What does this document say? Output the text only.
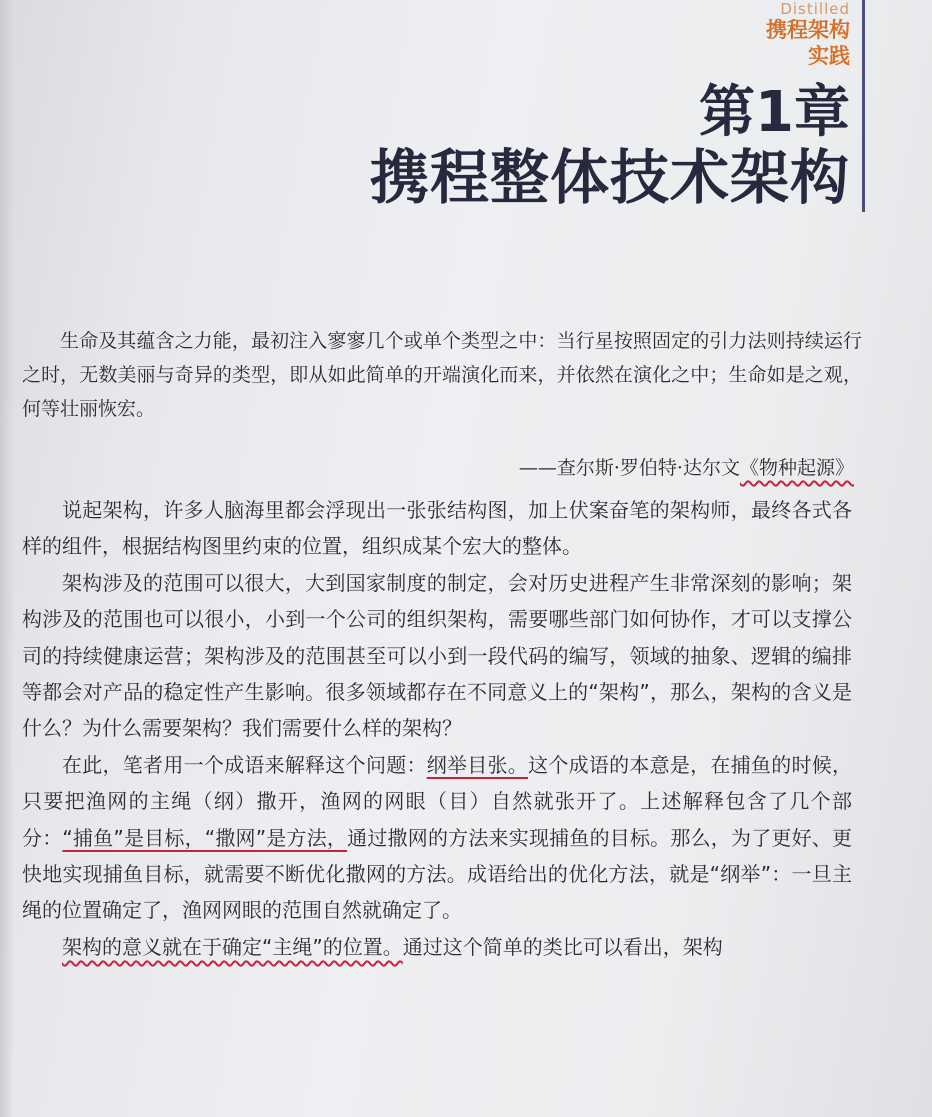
Distilled
携程架构
实践
第1章
携程整体技术架构

生命及其蕴含之力能，最初注入寥寥几个或单个类型之中：当行星按照固定的引力法则持续运行之时，无数美丽与奇异的类型，即从如此简单的开端演化而来，并依然在演化之中；生命如是之观，何等壮丽恢宏。

——查尔斯·罗伯特·达尔文《物种起源》

说起架构，许多人脑海里都会浮现出一张张结构图，加上伏案奋笔的架构师，最终各式各样的组件，根据结构图里约束的位置，组织成某个宏大的整体。

架构涉及的范围可以很大，大到国家制度的制定，会对历史进程产生非常深刻的影响；架构涉及的范围也可以很小，小到一个公司的组织架构，需要哪些部门如何协作，才可以支撑公司的持续健康运营；架构涉及的范围甚至可以小到一段代码的编写，领域的抽象、逻辑的编排等都会对产品的稳定性产生影响。很多领域都存在不同意义上的“架构”，那么，架构的含义是什么？为什么需要架构？我们需要什么样的架构？

在此，笔者用一个成语来解释这个问题：纲举目张。这个成语的本意是，在捕鱼的时候，只要把渔网的主绳（纲）撒开，渔网的网眼（目）自然就张开了。上述解释包含了几个部分：“捕鱼”是目标，“撒网”是方法，通过撒网的方法来实现捕鱼的目标。那么，为了更好、更快地实现捕鱼目标，就需要不断优化撒网的方法。成语给出的优化方法，就是“纲举”：一旦主绳的位置确定了，渔网网眼的范围自然就确定了。

架构的意义就在于确定“主绳”的位置。通过这个简单的类比可以看出，架构
